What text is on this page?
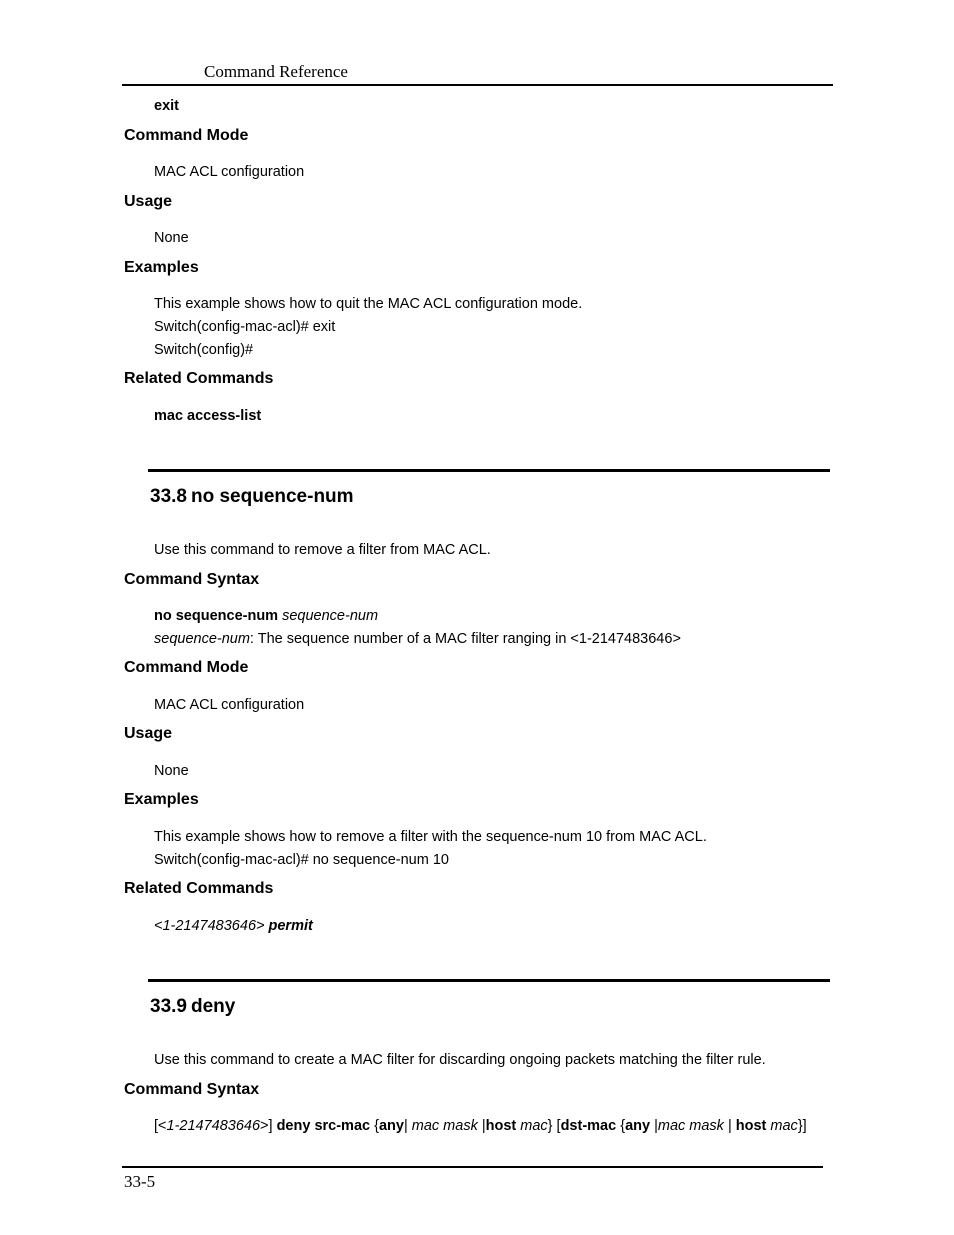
Command Reference
exit
Command Mode
MAC ACL configuration
Usage
None
Examples
This example shows how to quit the MAC ACL configuration mode.
Switch(config-mac-acl)# exit
Switch(config)#
Related Commands
mac access-list
33.8 no sequence-num
Use this command to remove a filter from MAC ACL.
Command Syntax
no sequence-num sequence-num
sequence-num: The sequence number of a MAC filter ranging in <1-2147483646>
Command Mode
MAC ACL configuration
Usage
None
Examples
This example shows how to remove a filter with the sequence-num 10 from MAC ACL.
Switch(config-mac-acl)# no sequence-num 10
Related Commands
<1-2147483646> permit
33.9 deny
Use this command to create a MAC filter for discarding ongoing packets matching the filter rule.
Command Syntax
[<1-2147483646>] deny src-mac {any| mac mask |host mac} [dst-mac {any |mac mask | host mac}]
33-5
